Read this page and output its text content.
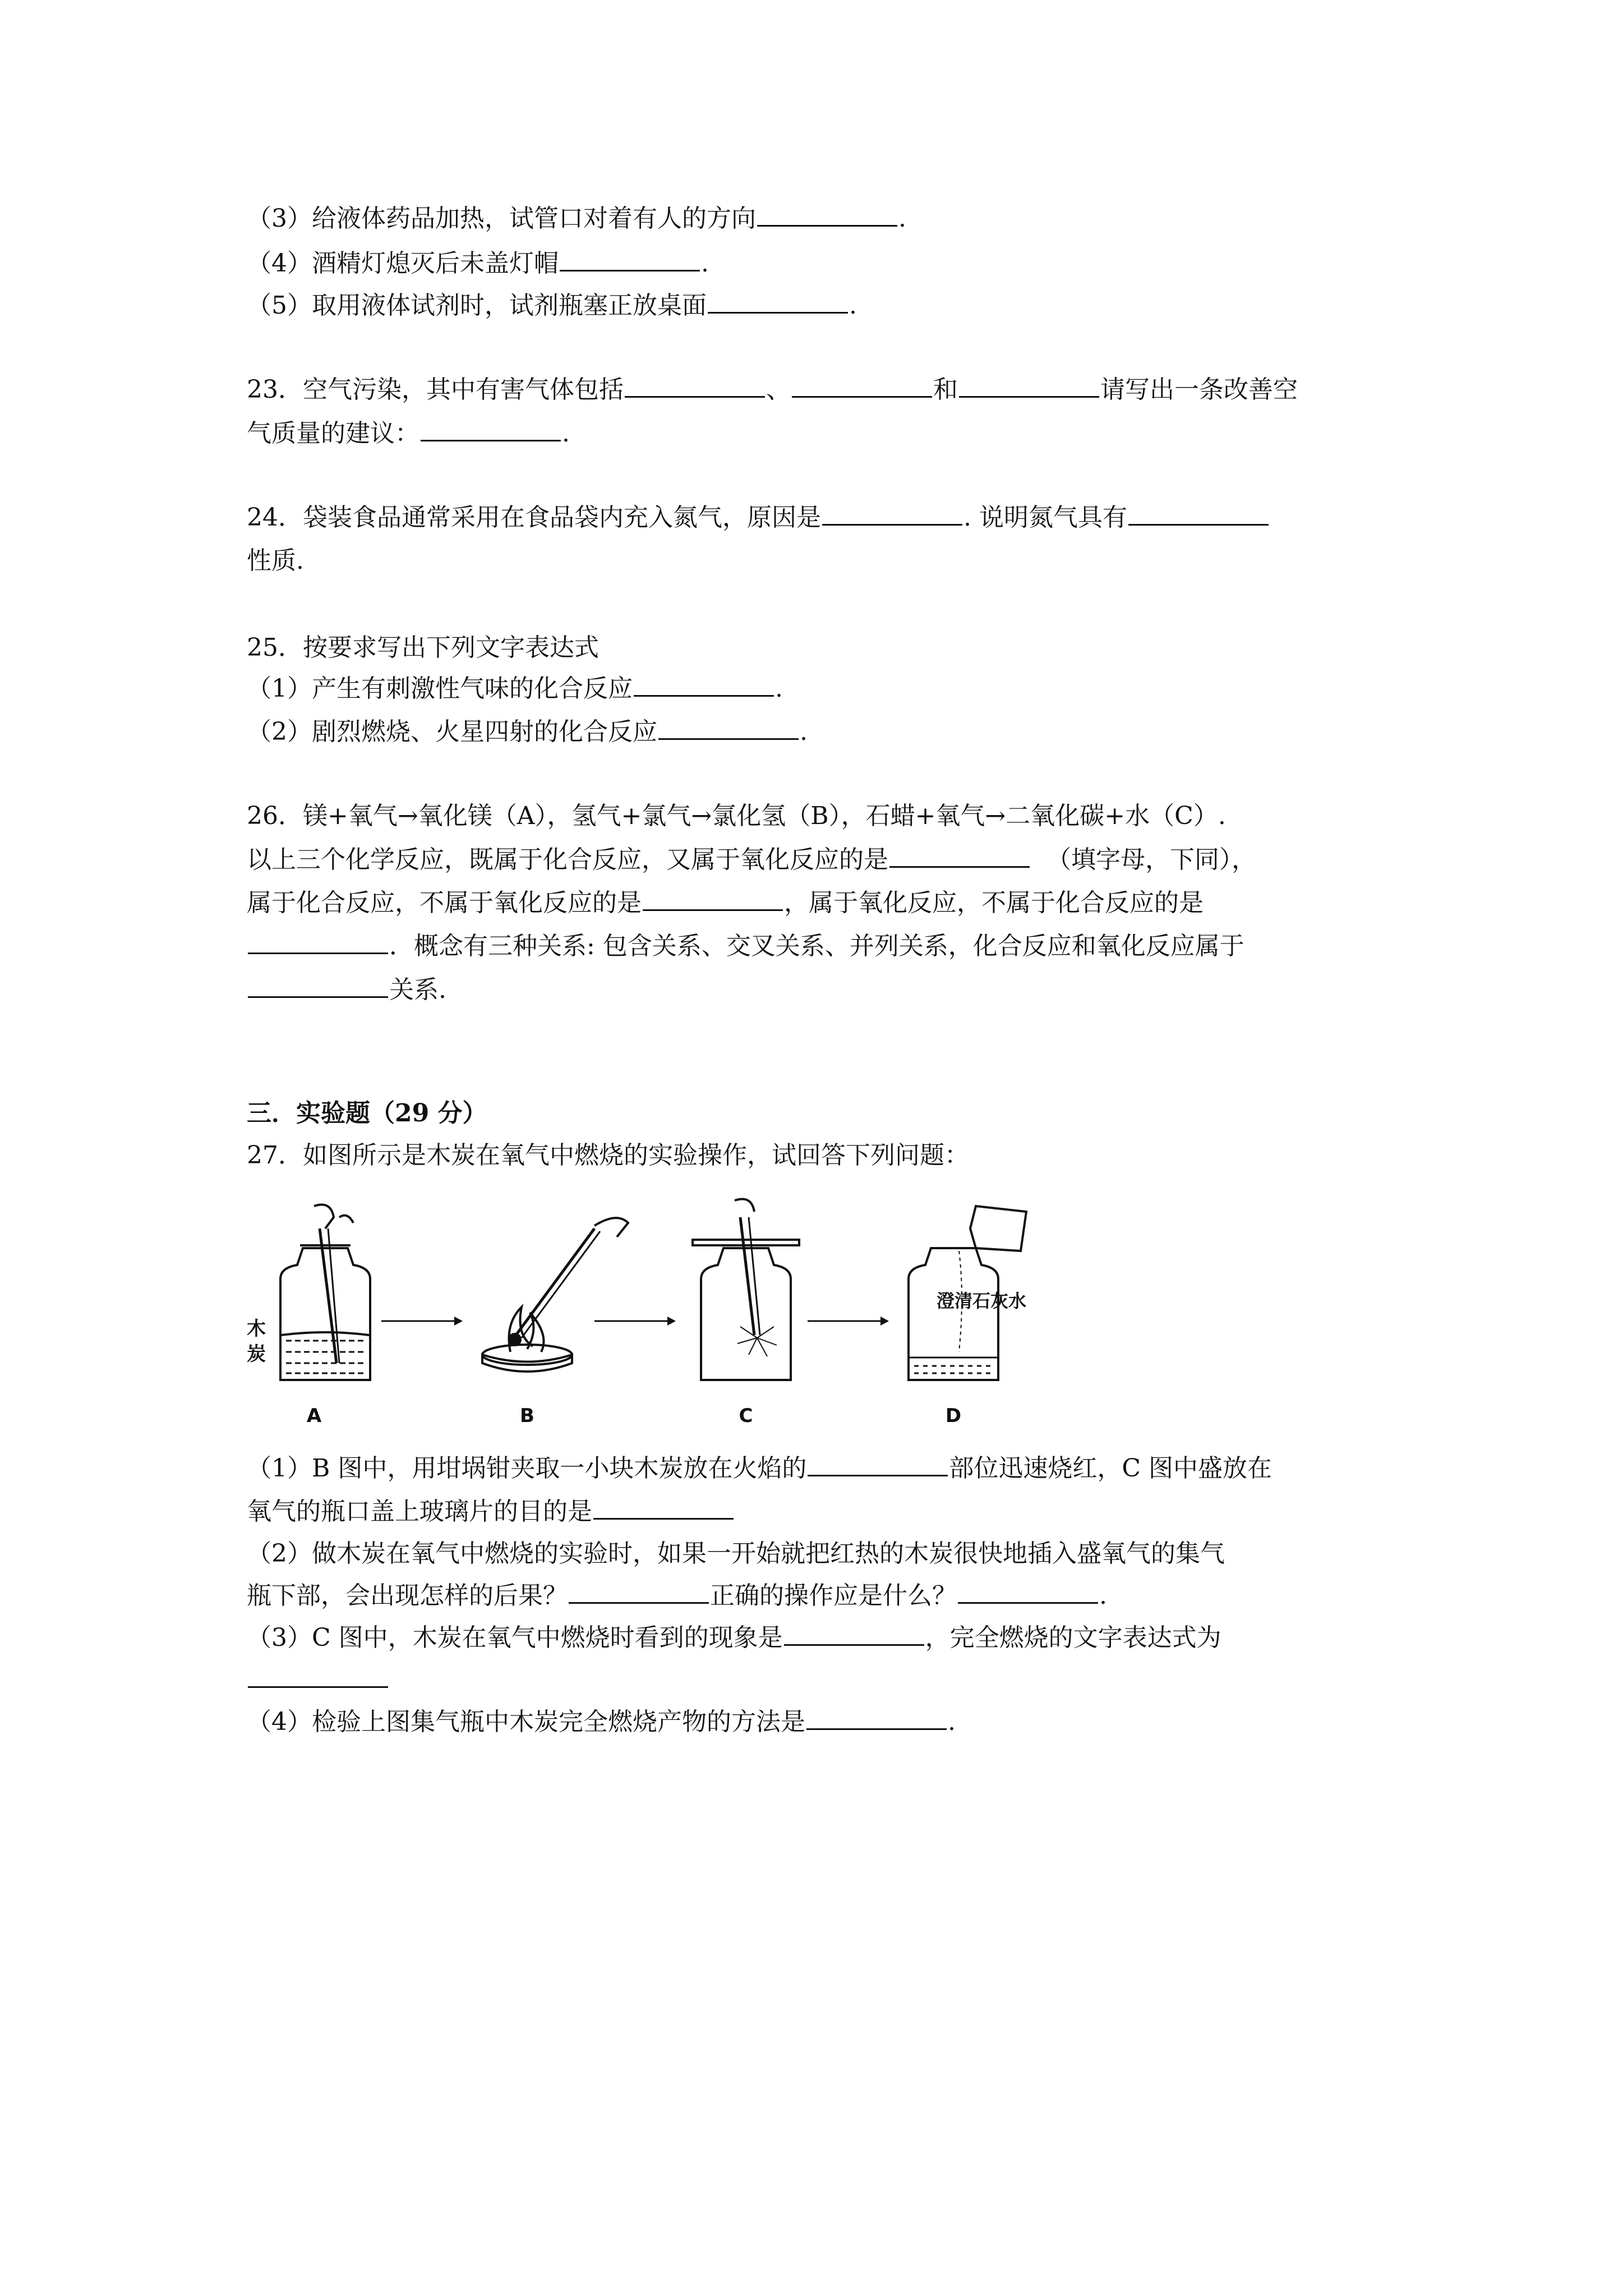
（3）给液体药品加热，试管口对着有人的方向	.
（4）酒精灯熄灭后未盖灯帽	.
（5）取用液体试剂时，试剂瓶塞正放桌面	.
23．空气污染，其中有害气体包括	、	和	请写出一条改善空
气质量的建议：	.
24．袋装食品通常采用在食品袋内充入氮气，原因是	. 说明氮气具有
性质.
25．按要求写出下列文字表达式
（1）产生有刺激性气味的化合反应	.
（2）剧烈燃烧、火星四射的化合反应	.
26．镁+氧气→氧化镁（A），氢气+氯气→氯化氢（B），石蜡+氧气→二氧化碳+水（C）.
以上三个化学反应，既属于化合反应，又属于氧化反应的是	（填字母，下同），
属于化合反应，不属于氧化反应的是	，属于氧化反应，不属于化合反应的是
．概念有三种关系: 包含关系、交叉关系、并列关系，化合反应和氧化反应属于
关系.
三．实验题（29 分）
27．如图所示是木炭在氧气中燃烧的实验操作，试回答下列问题：
木
炭
澄清石灰水
A	B	C	D
（1）B 图中，用坩埚钳夹取一小块木炭放在火焰的	部位迅速烧红，C 图中盛放在
氧气的瓶口盖上玻璃片的目的是
（2）做木炭在氧气中燃烧的实验时，如果一开始就把红热的木炭很快地插入盛氧气的集气
瓶下部，会出现怎样的后果？	正确的操作应是什么？	.
（3）C 图中，木炭在氧气中燃烧时看到的现象是	，完全燃烧的文字表达式为
（4）检验上图集气瓶中木炭完全燃烧产物的方法是	.
